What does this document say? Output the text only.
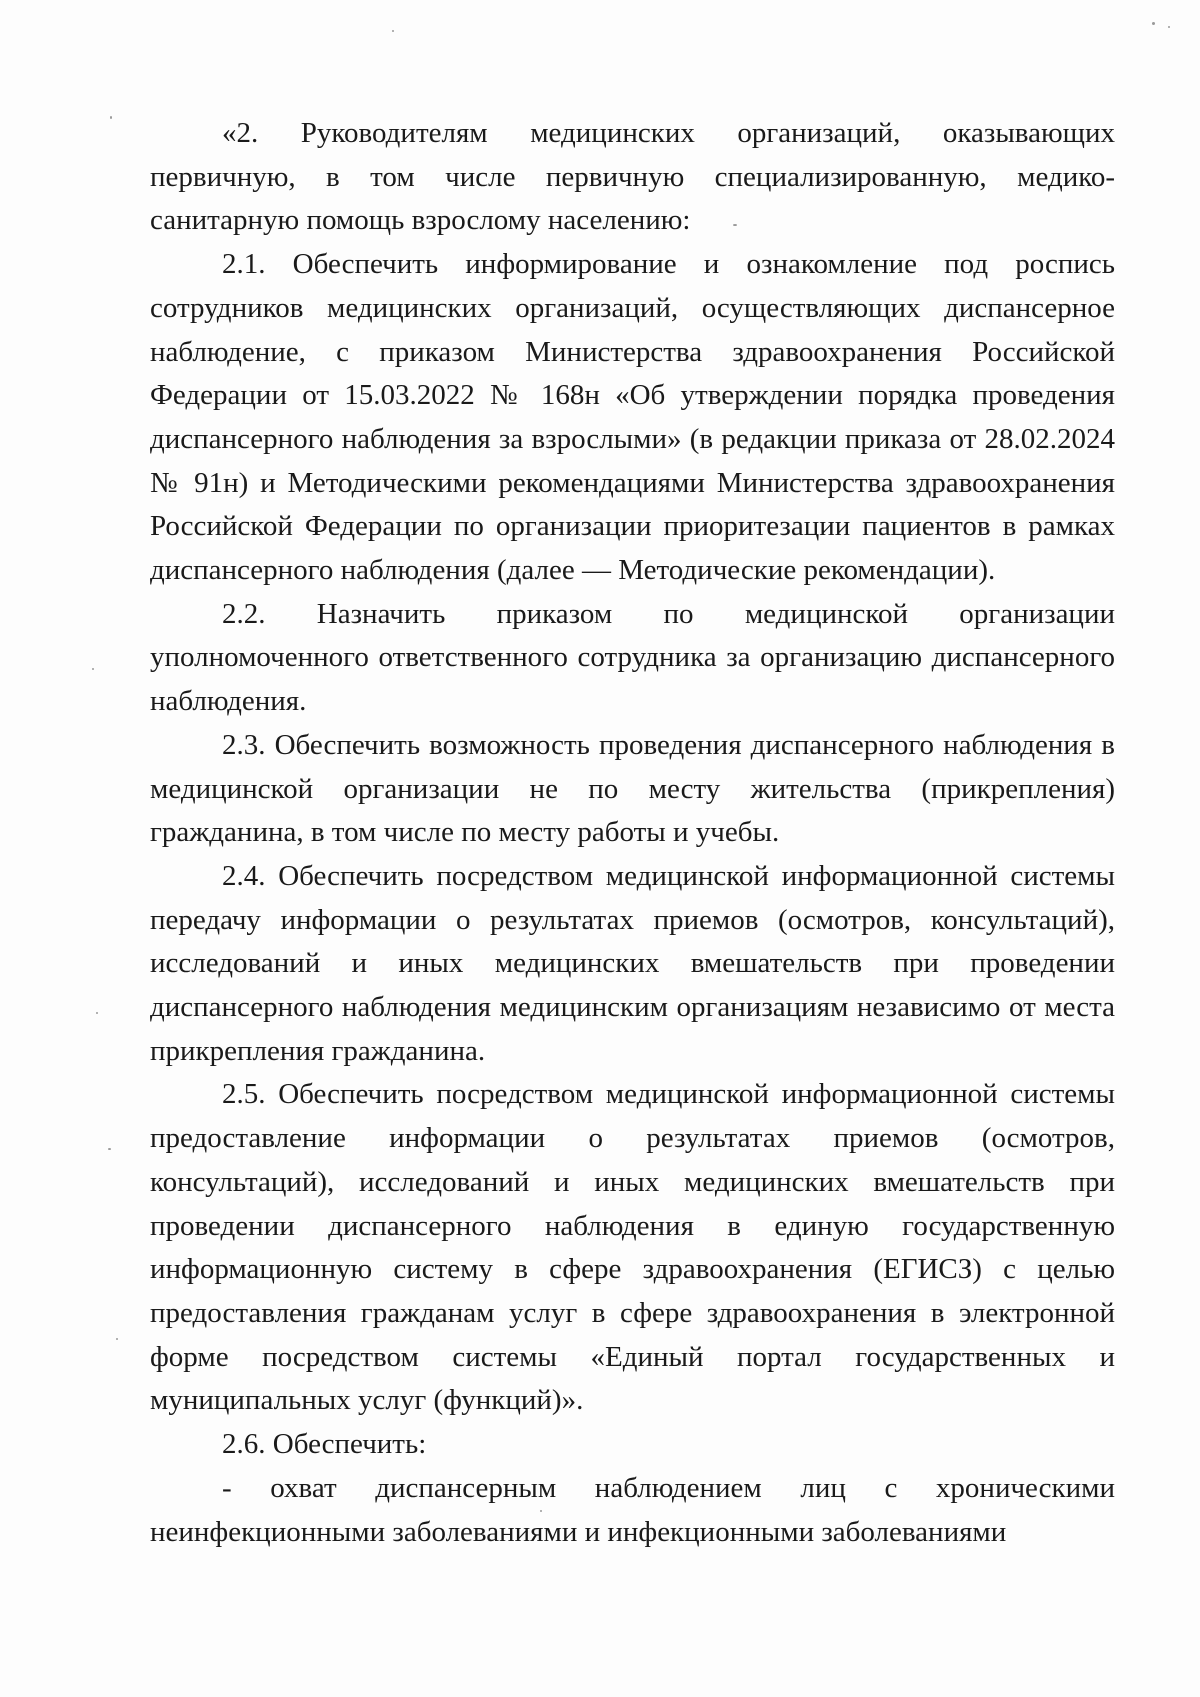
«2. Руководителям медицинских организаций, оказывающих первичную, в том числе первичную специализированную, медико-санитарную помощь взрослому населению:

2.1. Обеспечить информирование и ознакомление под роспись сотрудников медицинских организаций, осуществляющих диспансерное наблюдение, с приказом Министерства здравоохранения Российской Федерации от 15.03.2022 № 168н «Об утверждении порядка проведения диспансерного наблюдения за взрослыми» (в редакции приказа от 28.02.2024 № 91н) и Методическими рекомендациями Министерства здравоохранения Российской Федерации по организации приоритезации пациентов в рамках диспансерного наблюдения (далее — Методические рекомендации).

2.2. Назначить приказом по медицинской организации уполномоченного ответственного сотрудника за организацию диспансерного наблюдения.

2.3. Обеспечить возможность проведения диспансерного наблюдения в медицинской организации не по месту жительства (прикрепления) гражданина, в том числе по месту работы и учебы.

2.4. Обеспечить посредством медицинской информационной системы передачу информации о результатах приемов (осмотров, консультаций), исследований и иных медицинских вмешательств при проведении диспансерного наблюдения медицинским организациям независимо от места прикрепления гражданина.

2.5. Обеспечить посредством медицинской информационной системы предоставление информации о результатах приемов (осмотров, консультаций), исследований и иных медицинских вмешательств при проведении диспансерного наблюдения в единую государственную информационную систему в сфере здравоохранения (ЕГИСЗ) с целью предоставления гражданам услуг в сфере здравоохранения в электронной форме посредством системы «Единый портал государственных и муниципальных услуг (функций)».

2.6. Обеспечить:

- охват диспансерным наблюдением лиц с хроническими неинфекционными заболеваниями и инфекционными заболеваниями
